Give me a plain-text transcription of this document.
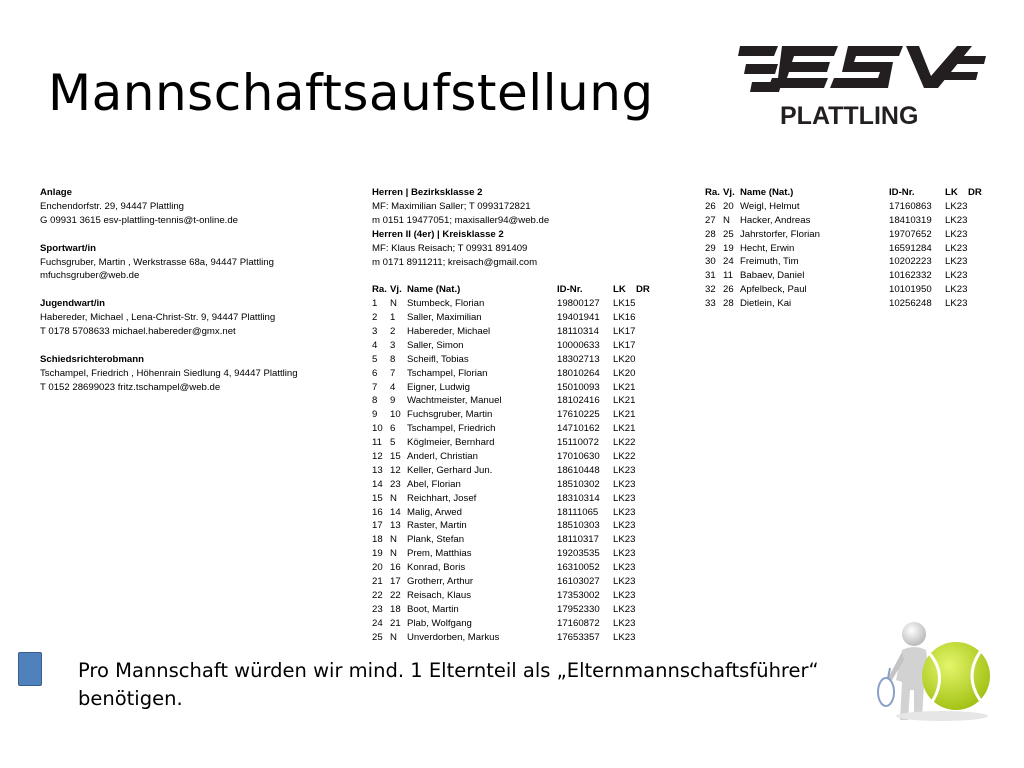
Mannschaftsaufstellung	PLATTLING
Anlage
Enchendorfstr. 29, 94447 Plattling
G 09931 3615 esv-plattling-tennis@t-online.de
Sportwart/in
Fuchsgruber, Martin , Werkstrasse 68a, 94447 Plattling
mfuchsgruber@web.de
Jugendwart/in
Habereder, Michael , Lena-Christ-Str. 9, 94447 Plattling
T 0178 5708633 michael.habereder@gmx.net
Schiedsrichterobmann
Tschampel, Friedrich , Höhenrain Siedlung 4, 94447 Plattling
T 0152 28699023 fritz.tschampel@web.de
Herren | Bezirksklasse 2
MF: Maximilian Saller; T 0993172821
m 0151 19477051; maxisaller94@web.de
Herren II (4er) | Kreisklasse 2
MF: Klaus Reisach; T 09931 891409
m 0171 8911211; kreisach@gmail.com
Ra. Vj. Name (Nat.)	ID-Nr.	LK DR
1 N Stumbeck, Florian	19800127 LK15
2 1 Saller, Maximilian	19401941 LK16
3 2 Habereder, Michael	18110314 LK17
4 3 Saller, Simon	10000633 LK17
5 8 Scheifl, Tobias	18302713 LK20
6 7 Tschampel, Florian	18010264 LK20
7 4 Eigner, Ludwig	15010093 LK21
8 9 Wachtmeister, Manuel	18102416 LK21
9 10 Fuchsgruber, Martin	17610225 LK21
10 6 Tschampel, Friedrich	14710162 LK21
11 5 Köglmeier, Bernhard	15110072 LK22
12 15 Anderl, Christian	17010630 LK22
13 12 Keller, Gerhard Jun.	18610448 LK23
14 23 Abel, Florian	18510302 LK23
15 N Reichhart, Josef	18310314 LK23
16 14 Malig, Arwed	18111065 LK23
17 13 Raster, Martin	18510303 LK23
18 N Plank, Stefan	18110317 LK23
19 N Prem, Matthias	19203535 LK23
20 16 Konrad, Boris	16310052 LK23
21 17 Grotherr, Arthur	16103027 LK23
22 22 Reisach, Klaus	17353002 LK23
23 18 Boot, Martin	17952330 LK23
24 21 Plab, Wolfgang	17160872 LK23
25 N Unverdorben, Markus	17653357 LK23
Ra. Vj. Name (Nat.)	ID-Nr.	LK DR
26 20 Weigl, Helmut	17160863 LK23
27 N Hacker, Andreas	18410319 LK23
28 25 Jahrstorfer, Florian	19707652 LK23
29 19 Hecht, Erwin	16591284 LK23
30 24 Freimuth, Tim	10202223 LK23
31 11 Babaev, Daniel	10162332 LK23
32 26 Apfelbeck, Paul	10101950 LK23
33 28 Dietlein, Kai	10256248 LK23
Pro Mannschaft würden wir mind. 1 Elternteil als „Elternmannschaftsführer“ benötigen.
